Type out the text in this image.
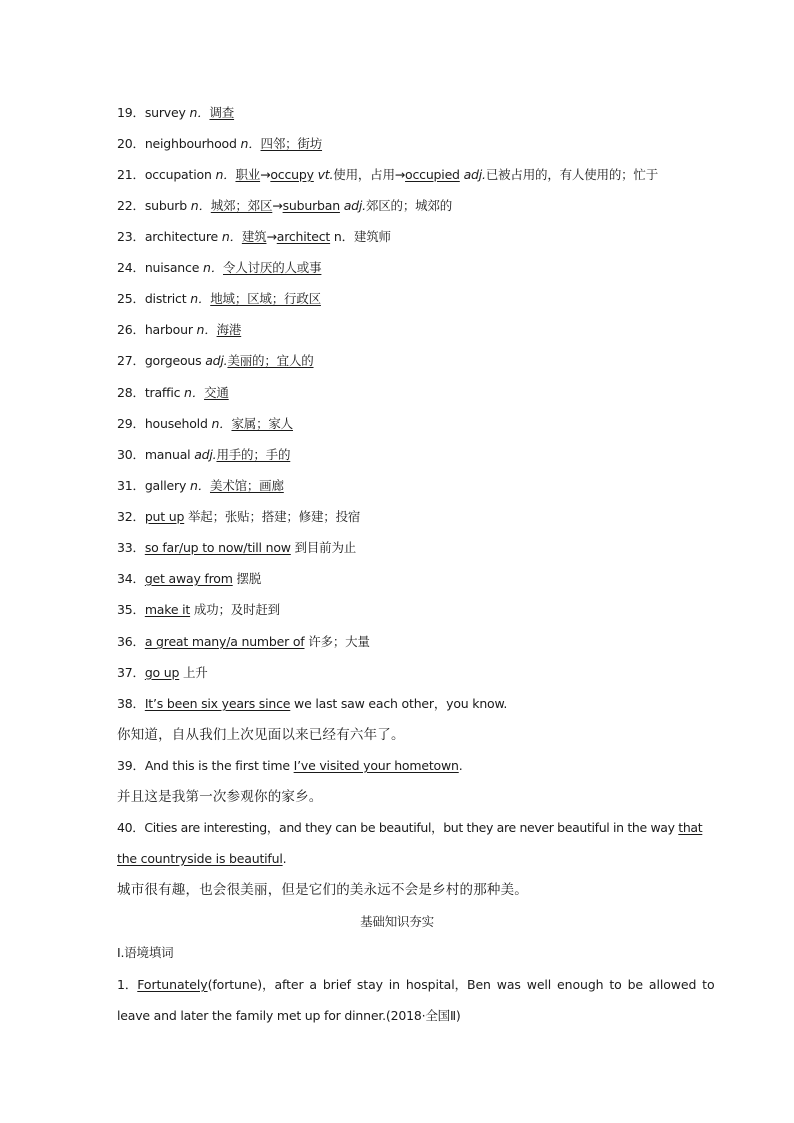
19．survey n．调查
20．neighbourhood n．四邻；街坊
21．occupation n．职业→occupy vt.使用，占用→occupied adj.已被占用的，有人使用的；忙于
22．suburb n．城郊；郊区→suburban adj.郊区的；城郊的
23．architecture n．建筑→architect n．建筑师
24．nuisance n．令人讨厌的人或事
25．district n．地域；区域；行政区
26．harbour n．海港
27．gorgeous adj.美丽的；宜人的
28．traffic n．交通
29．household n．家属；家人
30．manual adj.用手的；手的
31．gallery n．美术馆；画廊
32．put up 举起；张贴；搭建；修建；投宿
33．so far/up to now/till now 到目前为止
34．get away from 摆脱
35．make it 成功；及时赶到
36．a great many/a number of 许多；大量
37．go up 上升
38．It’s been six years since we last saw each other，you know.
你知道，自从我们上次见面以来已经有六年了。
39．And this is the first time I’ve visited your hometown.
并且这是我第一次参观你的家乡。
40．Cities are interesting，and they can be beautiful，but they are never beautiful in the way that
the countryside is beautiful.
城市很有趣，也会很美丽，但是它们的美永远不会是乡村的那种美。
基础知识夯实
Ⅰ.语境填词
1．Fortunately(fortune)，after a brief stay in hospital，Ben was well enough to be allowed to
leave and later the family met up for dinner.(2018·全国Ⅱ)
